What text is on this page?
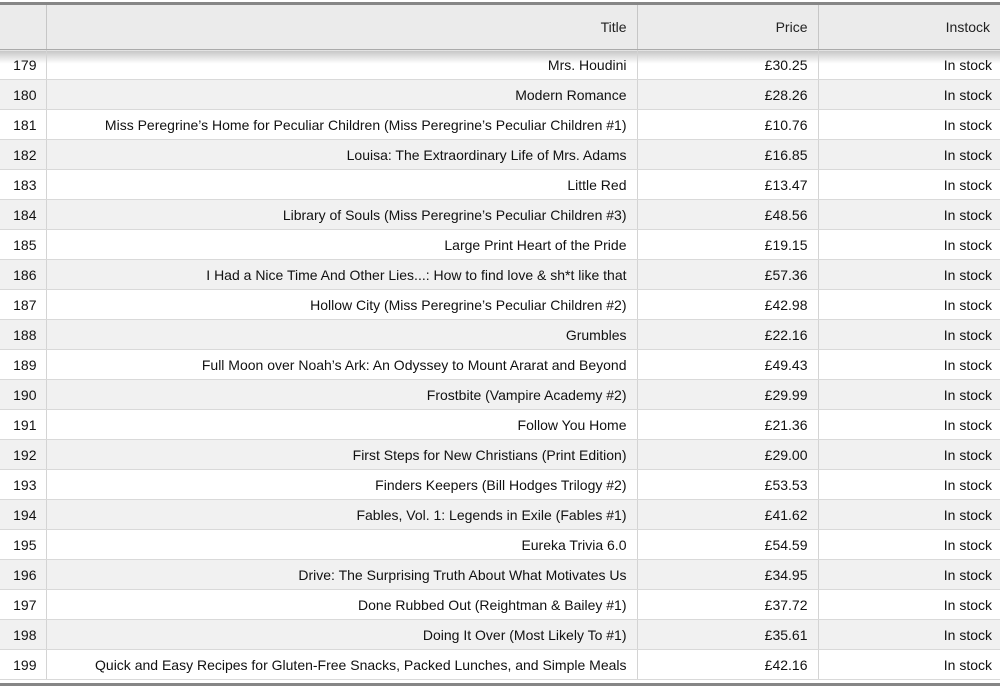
	Title	Price	Instock
179	Mrs. Houdini	£30.25	In stock
180	Modern Romance	£28.26	In stock
181	Miss Peregrine’s Home for Peculiar Children (Miss Peregrine’s Peculiar Children #1)	£10.76	In stock
182	Louisa: The Extraordinary Life of Mrs. Adams	£16.85	In stock
183	Little Red	£13.47	In stock
184	Library of Souls (Miss Peregrine’s Peculiar Children #3)	£48.56	In stock
185	Large Print Heart of the Pride	£19.15	In stock
186	I Had a Nice Time And Other Lies...: How to find love & sh*t like that	£57.36	In stock
187	Hollow City (Miss Peregrine’s Peculiar Children #2)	£42.98	In stock
188	Grumbles	£22.16	In stock
189	Full Moon over Noah’s Ark: An Odyssey to Mount Ararat and Beyond	£49.43	In stock
190	Frostbite (Vampire Academy #2)	£29.99	In stock
191	Follow You Home	£21.36	In stock
192	First Steps for New Christians (Print Edition)	£29.00	In stock
193	Finders Keepers (Bill Hodges Trilogy #2)	£53.53	In stock
194	Fables, Vol. 1: Legends in Exile (Fables #1)	£41.62	In stock
195	Eureka Trivia 6.0	£54.59	In stock
196	Drive: The Surprising Truth About What Motivates Us	£34.95	In stock
197	Done Rubbed Out (Reightman & Bailey #1)	£37.72	In stock
198	Doing It Over (Most Likely To #1)	£35.61	In stock
199	Quick and Easy Recipes for Gluten-Free Snacks, Packed Lunches, and Simple Meals	£42.16	In stock
